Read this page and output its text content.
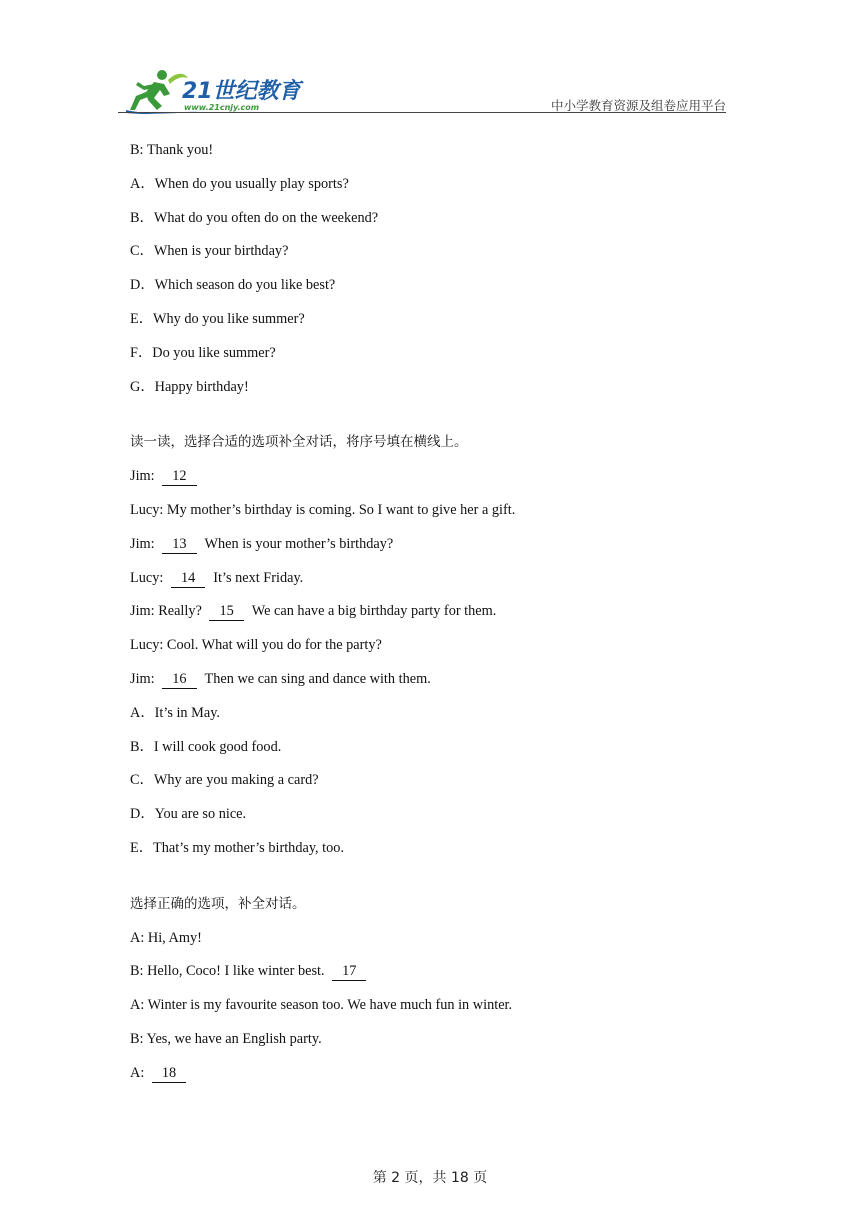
21世纪教育
www.21cnjy.com	中小学教育资源及组卷应用平台
B: Thank you!
A．When do you usually play sports?
B．What do you often do on the weekend?
C．When is your birthday?
D．Which season do you like best?
E．Why do you like summer?
F．Do you like summer?
G．Happy birthday!
读一读，选择合适的选项补全对话，将序号填在横线上。
Jim: 12
Lucy: My mother’s birthday is coming. So I want to give her a gift.
Jim: 13 When is your mother’s birthday?
Lucy: 14 It’s next Friday.
Jim: Really? 15 We can have a big birthday party for them.
Lucy: Cool. What will you do for the party?
Jim: 16 Then we can sing and dance with them.
A．It’s in May.
B．I will cook good food.
C．Why are you making a card?
D．You are so nice.
E．That’s my mother’s birthday, too.
选择正确的选项，补全对话。
A: Hi, Amy!
B: Hello, Coco! I like winter best. 17
A: Winter is my favourite season too. We have much fun in winter.
B: Yes, we have an English party.
A: 18
第 2 页，共 18 页
